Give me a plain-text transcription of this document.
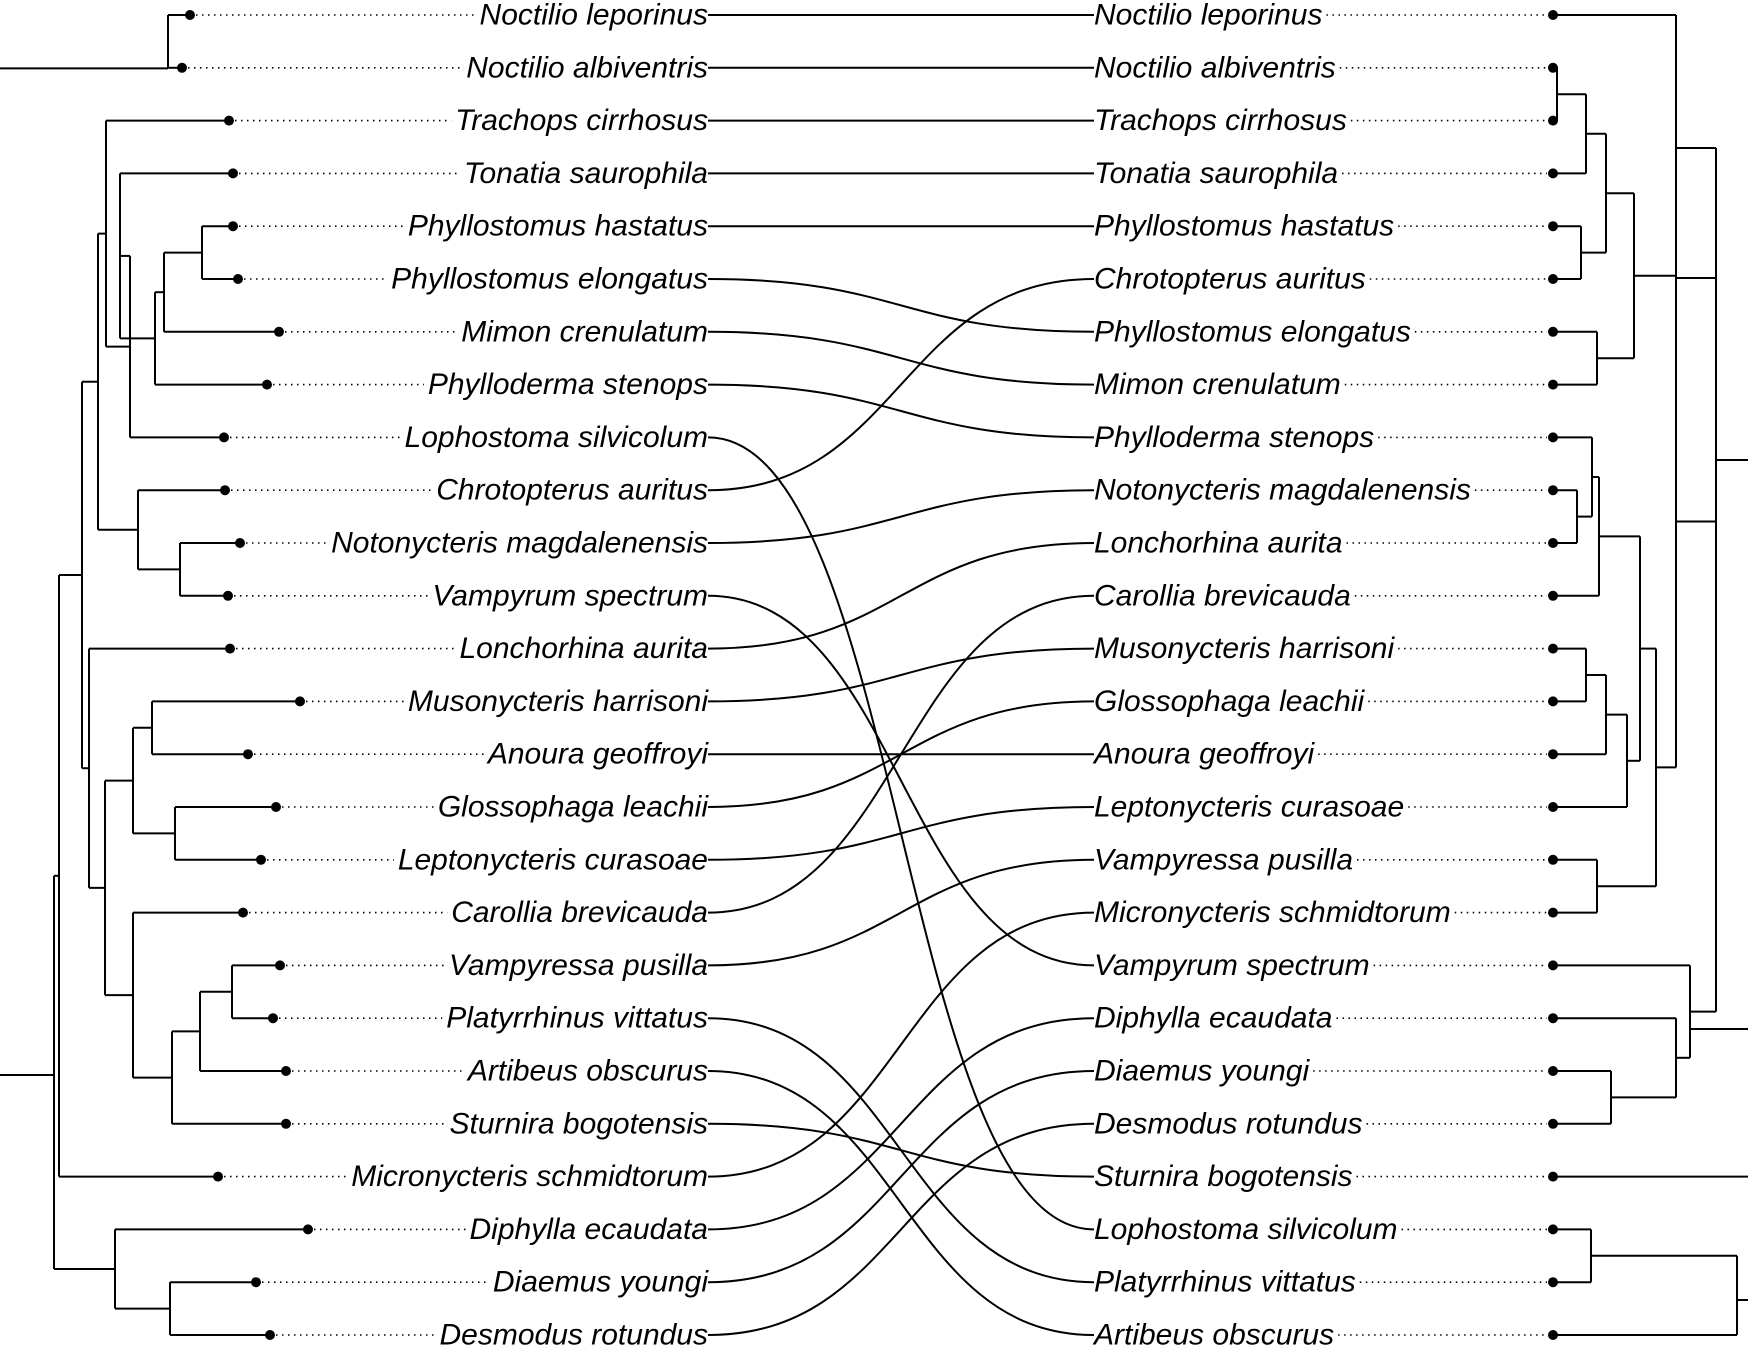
Noctilio leporinus
Noctilio albiventris
Trachops cirrhosus
Tonatia saurophila
Phyllostomus hastatus
Phyllostomus elongatus
Mimon crenulatum
Phylloderma stenops
Lophostoma silvicolum
Chrotopterus auritus
Notonycteris magdalenensis
Vampyrum spectrum
Lonchorhina aurita
Musonycteris harrisoni
Anoura geoffroyi
Glossophaga leachii
Leptonycteris curasoae
Carollia brevicauda
Vampyressa pusilla
Platyrrhinus vittatus
Artibeus obscurus
Sturnira bogotensis
Micronycteris schmidtorum
Diphylla ecaudata
Diaemus youngi
Desmodus rotundus
Noctilio leporinus
Noctilio albiventris
Trachops cirrhosus
Tonatia saurophila
Phyllostomus hastatus
Chrotopterus auritus
Phyllostomus elongatus
Mimon crenulatum
Phylloderma stenops
Notonycteris magdalenensis
Lonchorhina aurita
Carollia brevicauda
Musonycteris harrisoni
Glossophaga leachii
Anoura geoffroyi
Leptonycteris curasoae
Vampyressa pusilla
Micronycteris schmidtorum
Vampyrum spectrum
Diphylla ecaudata
Diaemus youngi
Desmodus rotundus
Sturnira bogotensis
Lophostoma silvicolum
Platyrrhinus vittatus
Artibeus obscurus
